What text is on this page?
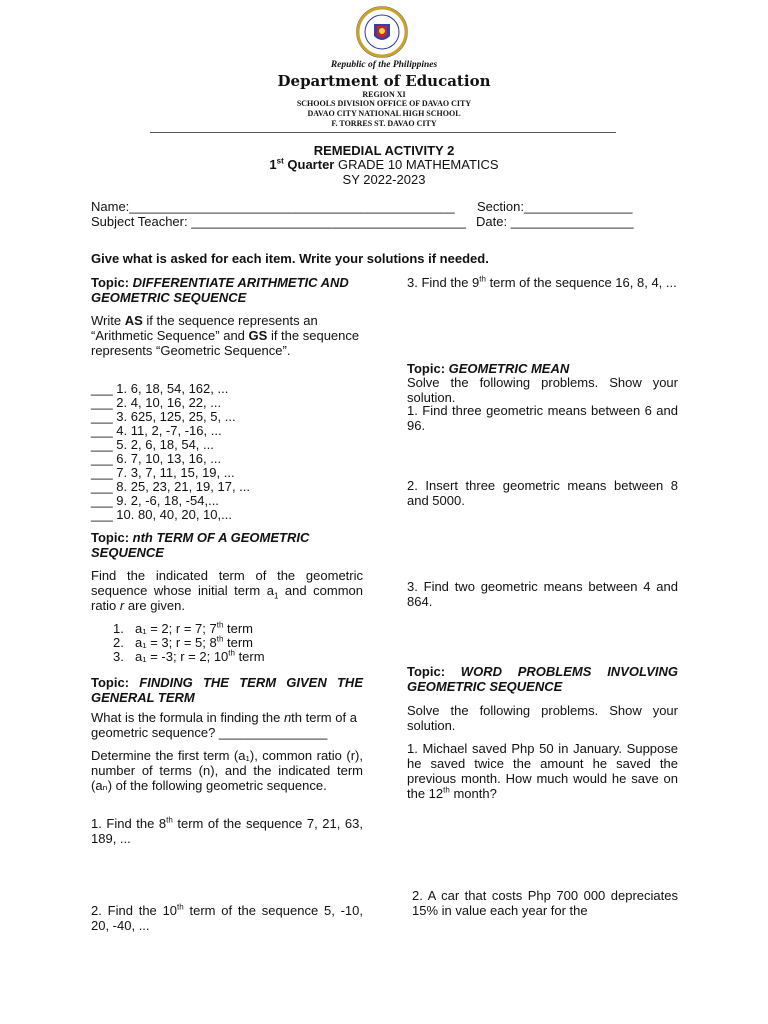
Republic of the Philippines
Department of Education
REGION XI
SCHOOLS DIVISION OFFICE OF DAVAO CITY
DAVAO CITY NATIONAL HIGH SCHOOL
F. TORRES ST. DAVAO CITY
REMEDIAL ACTIVITY 2
1st Quarter GRADE 10 MATHEMATICS
SY 2022-2023
Name:_____________________________________________ Section:_______________
Subject Teacher: ______________________________________ Date: _________________
Give what is asked for each item. Write your solutions if needed.
Topic: DIFFERENTIATE ARITHMETIC AND GEOMETRIC SEQUENCE
Write AS if the sequence represents an “Arithmetic Sequence” and GS if the sequence represents “Geometric Sequence”.
___ 1. 6, 18, 54, 162, ...
___ 2. 4, 10, 16, 22, ...
___ 3. 625, 125, 25, 5, ...
___ 4. 11, 2, -7, -16, ...
___ 5. 2, 6, 18, 54, ...
___ 6. 7, 10, 13, 16, ...
___ 7. 3, 7, 11, 15, 19, ...
___ 8. 25, 23, 21, 19, 17, ...
___ 9. 2, -6, 18, -54,...
___ 10. 80, 40, 20, 10,...
Topic: nth TERM OF A GEOMETRIC SEQUENCE
Find the indicated term of the geometric sequence whose initial term $a_1$ and common ratio r are given.
1. a₁ = 2; r = 7; 7th term
2. a₁ = 3; r = 5; 8th term
3. a₁ = -3; r = 2; 10th term
Topic: FINDING THE TERM GIVEN THE GENERAL TERM
What is the formula in finding the nth term of a geometric sequence? _______________
Determine the first term (a₁), common ratio (r), number of terms (n), and the indicated term (aₙ) of the following geometric sequence.
1. Find the 8th term of the sequence 7, 21, 63, 189, ...
2. Find the 10th term of the sequence 5, -10, 20, -40, ...
3. Find the 9th term of the sequence 16, 8, 4, ...
Topic: GEOMETRIC MEAN
Solve the following problems. Show your solution.
1. Find three geometric means between 6 and 96.
2. Insert three geometric means between 8 and 5000.
3. Find two geometric means between 4 and 864.
Topic: WORD PROBLEMS INVOLVING GEOMETRIC SEQUENCE
Solve the following problems. Show your solution.
1. Michael saved Php 50 in January. Suppose he saved twice the amount he saved the previous month. How much would he save on the 12th month?
2. A car that costs Php 700 000 depreciates 15% in value each year for the
